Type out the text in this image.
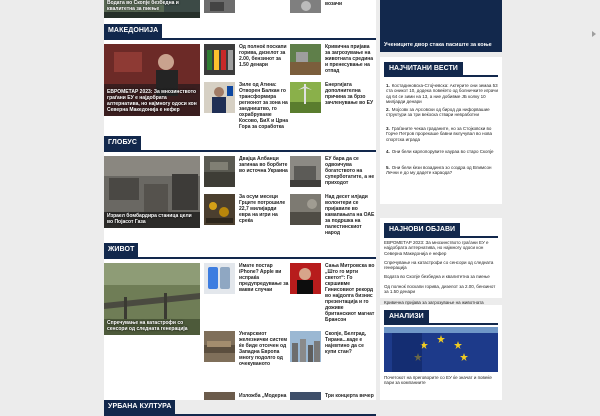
Водата во Скопје безбедна и квалитетна за пиење
возачи
МАКЕДОНИЈА
ЕВРОМЕТАР 2023: За мнозинството граѓани ЕУ е најдобрата алтернатива, но најмногу одоси кон Северна Македонија е нефер
Од полноќ поскапи горива, дизелот за 2.00, бензинот за 1.50 денари
Зиле од Атина: Отворен Балкан го трансформира регионот за зона на заедништво, го охрабруваме Косово, БиХ и Црна Гора за соработка
Кривична пријава за загрозување на животната средина и пренесување на отпад
Енергијата дополнителна причина за брзо зачленување во ЕУ
ГЛОБУС
Израел бомбардира станица цели во Појасот Газа
Двајца Албанци загинаа во борбите во источна Украина
За осум месеци Грците потрошиле 22,7 милијарди евра на игри на среќа
ЕУ бара да се одвоичува богатството на суперботатите, а не приходот
Над десет илјади волонтери се пријавиле во камапањата на ОАЕ за подршка на палестинскиот народ
ЖИВОТ
Спречување на катастрофи со сенсори од следната генерација
Имате постар iPhone? Apple ви испраќа предупредување за вакви случаи
Унгарскиот железнички систем ќе биде отсечен од Западна Европа многу подолго од очекуваното
Сања Митровска во „Што го мрти светот“: Го скршивме Гинисовиот рекорд во најдолга бизнис презентација и го доживе британскиот магнат Брансон
Скопје, Белград, Тирана...каде е најевтино да се купи стан?
УРБАНА КУЛТУРА
Изложба „Модерна	Три концерта вечер
Учениците двор стака пасиште за коње
НАЈЧИТАНИ ВЕСТИ
1. Костадиновска-Стојчевска: Актерите они земаа 53 ста оникот 10, додека повеќето од болничките играчи од 64 се зими на 13, а ние добивме ЈБ колку 10 милјарди денари
2. Мојсовк за Арсовски од бирод да нифорвашие структури за три веќоска ствари невработни
3. Граѓаните чекаа граданите, но за Стојковски во Горче Петров прорекаше бавни вклучувал во нова спортска играда
4. Они бели карлопорувите каураа во старо Скопје
5. Они бели ќези возадинга зо создра од Влимсон Лечни е до му дадете караода?
НАЈНОВИ ОБЈАВИ
ЕВРОМЕТАР 2023: За мнозинството граѓани ЕУ е најдобрата алтернатива, но најмногу одоси кон Северна Македонија е нефер
Спречување на катастрофи со сенсори од следната генерација
Водата во Скопје безбедна и квалитетна за пиење
Од полноќ поскапи горива, дизелот за 2.00, бензинот за 1.50 денари
Кривична пријава за загрозување на животната
АНАЛИЗИ
Почетокот на преговорите со ЕУ ќе значат и повеќе пари за компаниите
